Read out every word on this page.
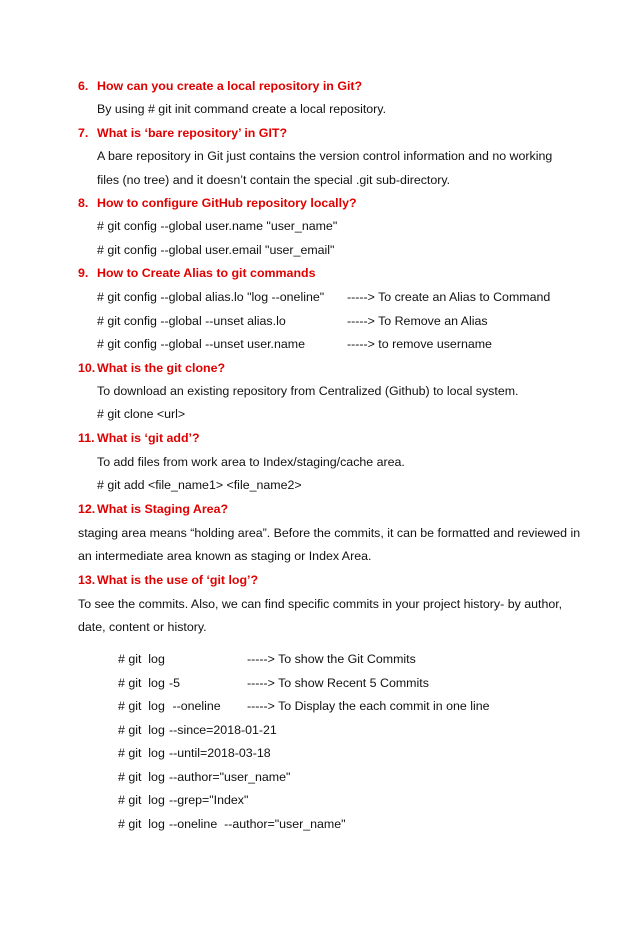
6. How can you create a local repository in Git?
By using # git init command create a local repository.
7. What is ‘bare repository’ in GIT?
A bare repository in Git just contains the version control information and no working
files (no tree) and it doesn’t contain the special .git sub-directory.
8. How to configure GitHub repository locally?
# git config --global user.name "user_name"
# git config --global user.email "user_email"
9. How to Create Alias to git commands
# git config --global alias.lo "log --oneline" -----> To create an Alias to Command
# git config --global --unset alias.lo	-----> To Remove an Alias
# git config --global --unset user.name	-----> to remove username
10. What is the git clone?
To download an existing repository from Centralized (Github) to local system.
# git clone <url>
11. What is ‘git add’?
To add files from work area to Index/staging/cache area.
# git add <file_name1> <file_name2>
12. What is Staging Area?
staging area means “holding area”. Before the commits, it can be formatted and reviewed in
an intermediate area known as staging or Index Area.
13. What is the use of ‘git log’?
To see the commits. Also, we can find specific commits in your project history- by author,
date, content or history.
# git  log	-----> To show the Git Commits
# git  log -5	-----> To show Recent 5 Commits
# git  log --oneline -----> To Display the each commit in one line
# git  log --since=2018-01-21
# git  log --until=2018-03-18
# git  log --author="user_name"
# git  log --grep="Index"
# git  log --oneline  --author="user_name"
